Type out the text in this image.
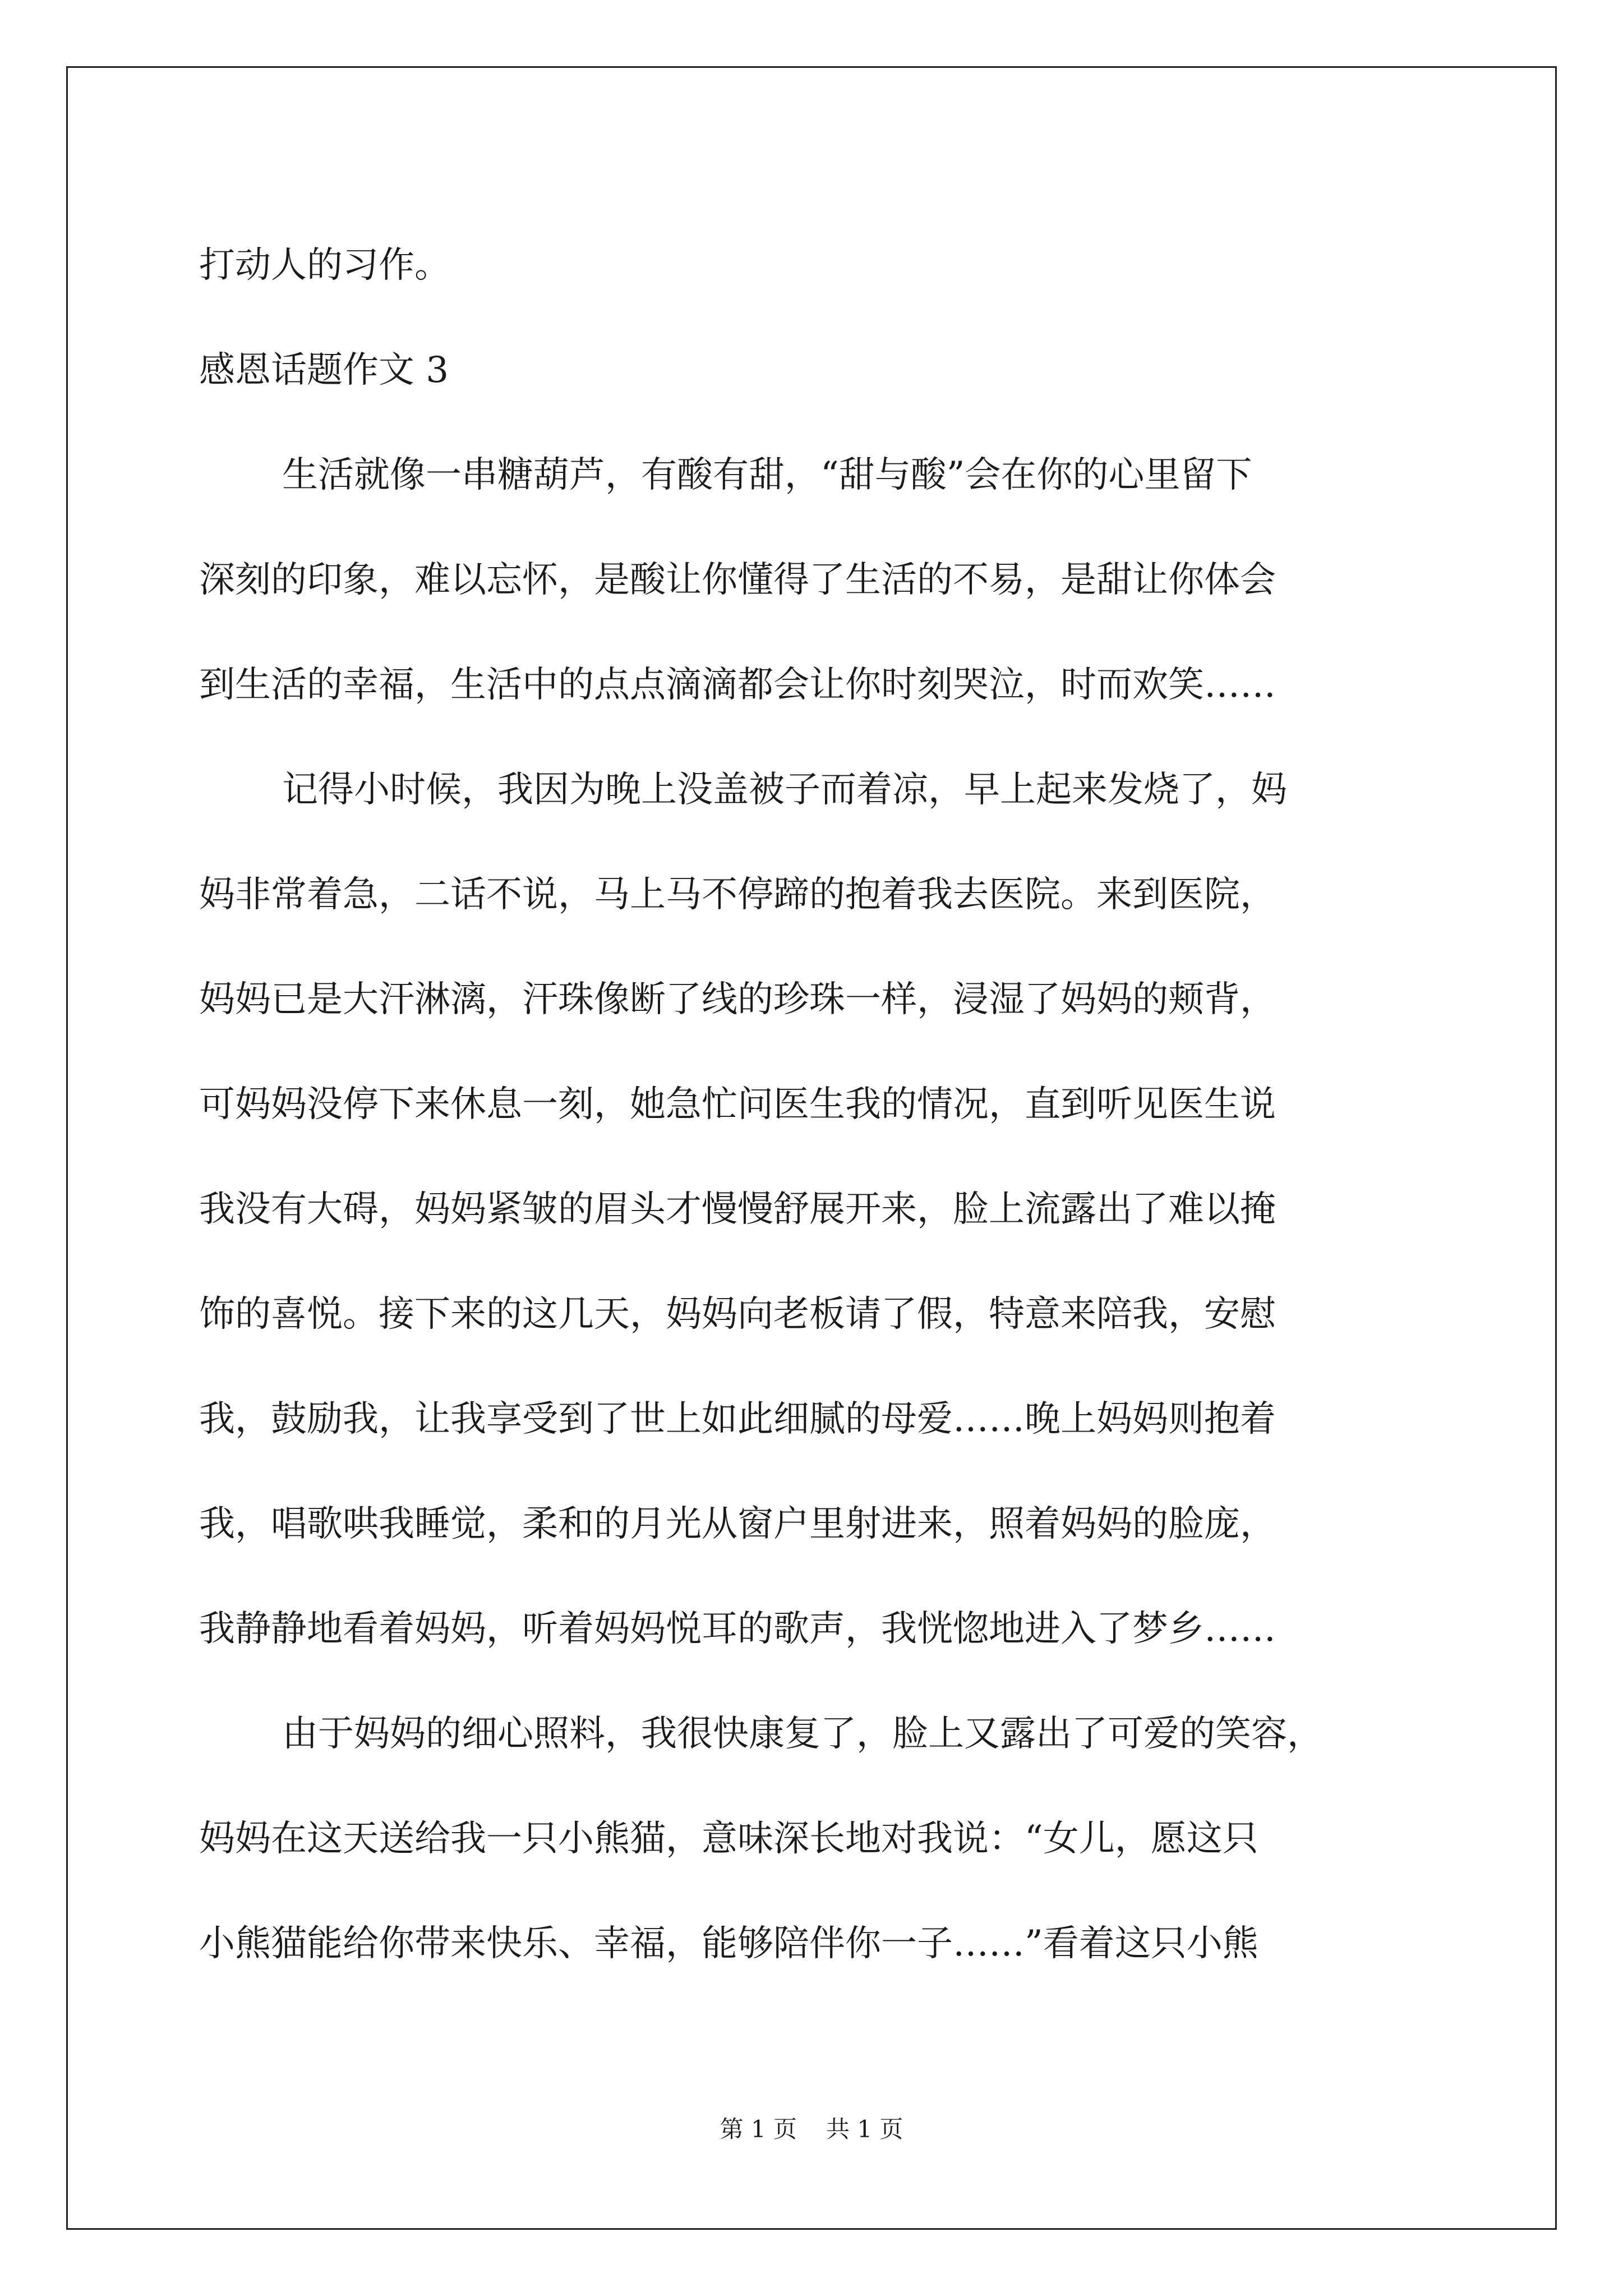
打动人的习作。
感恩话题作文 3
生活就像一串糖葫芦，有酸有甜，“甜与酸”会在你的心里留下
深刻的印象，难以忘怀，是酸让你懂得了生活的不易，是甜让你体会
到生活的幸福，生活中的点点滴滴都会让你时刻哭泣，时而欢笑……
记得小时候，我因为晚上没盖被子而着凉，早上起来发烧了，妈
妈非常着急，二话不说，马上马不停蹄的抱着我去医院。来到医院，
妈妈已是大汗淋漓，汗珠像断了线的珍珠一样，浸湿了妈妈的颊背，
可妈妈没停下来休息一刻，她急忙问医生我的情况，直到听见医生说
我没有大碍，妈妈紧皱的眉头才慢慢舒展开来，脸上流露出了难以掩
饰的喜悦。接下来的这几天，妈妈向老板请了假，特意来陪我，安慰
我，鼓励我，让我享受到了世上如此细腻的母爱……晚上妈妈则抱着
我，唱歌哄我睡觉，柔和的月光从窗户里射进来，照着妈妈的脸庞，
我静静地看着妈妈，听着妈妈悦耳的歌声，我恍惚地进入了梦乡……
由于妈妈的细心照料，我很快康复了，脸上又露出了可爱的笑容，
妈妈在这天送给我一只小熊猫，意味深长地对我说：“女儿，愿这只
小熊猫能给你带来快乐、幸福，能够陪伴你一子……”看着这只小熊
第 1 页 共 1 页
